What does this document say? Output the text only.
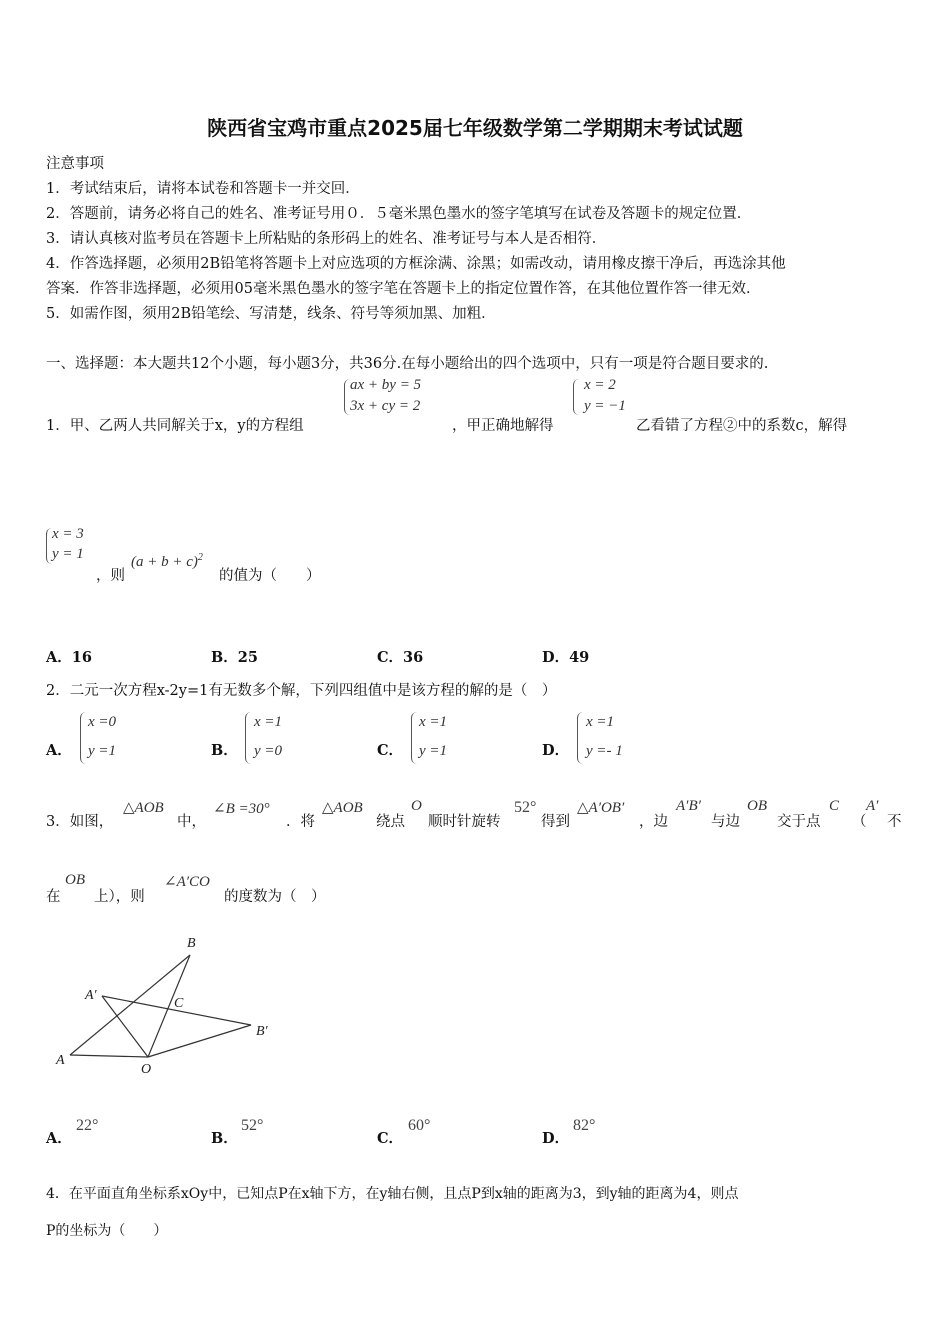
陕西省宝鸡市重点2025届七年级数学第二学期期末考试试题
注意事项
1．考试结束后，请将本试卷和答题卡一并交回．
2．答题前，请务必将自己的姓名、准考证号用０．５毫米黑色墨水的签字笔填写在试卷及答题卡的规定位置．
3．请认真核对监考员在答题卡上所粘贴的条形码上的姓名、准考证号与本人是否相符．
4．作答选择题，必须用2B铅笔将答题卡上对应选项的方框涂满、涂黑；如需改动，请用橡皮擦干净后，再选涂其他
答案．作答非选择题，必须用05毫米黑色墨水的签字笔在答题卡上的指定位置作答，在其他位置作答一律无效．
5．如需作图，须用2B铅笔绘、写清楚，线条、符号等须加黑、加粗．
一、选择题：本大题共12个小题，每小题3分，共36分.在每小题给出的四个选项中，只有一项是符合题目要求的.
1．甲、乙两人共同解关于x，y的方程组
ax + by = 5
3x + cy = 2
，甲正确地解得
x = 2
y = −1
乙看错了方程②中的系数c，解得
x = 3
y = 1
，则
$(a + b + c)^2$
的值为（　　）
A．16	B．25	C．36	D．49
2．二元一次方程x-2y=1有无数多个解，下列四组值中是该方程的解的是（　）
A．
x =0
y =1	B．
x =1
y =0	C．
x =1
y =1	D．
x =1
y =- 1
3．如图，
△AOB
中，
∠B =30°
．将
△AOB
绕点
O
顺时针旋转
52°
得到
△A′OB′
，边
A′B′
与边
OB
交于点
C
（
A′
不
在
OB
上），则
∠A′CO
的度数为（　）
B
A′
C
B′
A
O
A．
22°
B．
52°
C．
60°
D．
82°
4．在平面直角坐标系xOy中，已知点P在x轴下方，在y轴右侧，且点P到x轴的距离为3，到y轴的距离为4，则点
P的坐标为（　　）
